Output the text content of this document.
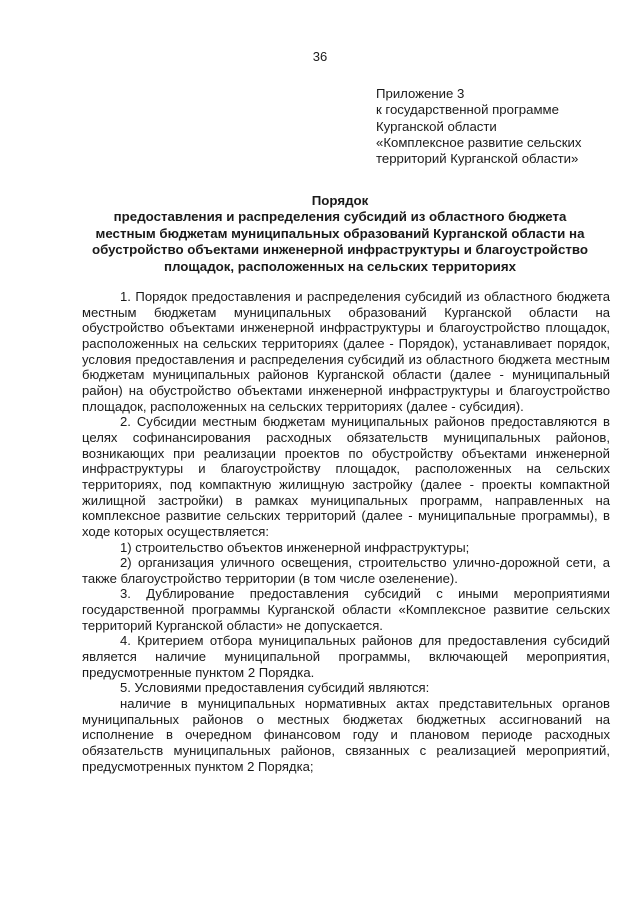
36
Приложение 3
к государственной программе
Курганской области
«Комплексное развитие сельских
территорий Курганской области»
Порядок
предоставления и распределения субсидий из областного бюджета
местным бюджетам муниципальных образований Курганской области на
обустройство объектами инженерной инфраструктуры и благоустройство
площадок, расположенных на сельских территориях

1. Порядок предоставления и распределения субсидий из областного бюджета местным бюджетам муниципальных образований Курганской области на обустройство объектами инженерной инфраструктуры и благоустройство площадок, расположенных на сельских территориях (далее - Порядок), устанавливает порядок, условия предоставления и распределения субсидий из областного бюджета местным бюджетам муниципальных районов Курганской области (далее - муниципальный район) на обустройство объектами инженерной инфраструктуры и благоустройство площадок, расположенных на сельских территориях (далее - субсидия).

2. Субсидии местным бюджетам муниципальных районов предоставляются в целях софинансирования расходных обязательств муниципальных районов, возникающих при реализации проектов по обустройству объектами инженерной инфраструктуры и благоустройству площадок, расположенных на сельских территориях, под компактную жилищную застройку (далее - проекты компактной жилищной застройки) в рамках муниципальных программ, направленных на комплексное развитие сельских территорий (далее - муниципальные программы), в ходе которых осуществляется:

1) строительство объектов инженерной инфраструктуры;

2) организация уличного освещения, строительство улично-дорожной сети, а также благоустройство территории (в том числе озеленение).

3. Дублирование предоставления субсидий с иными мероприятиями государственной программы Курганской области «Комплексное развитие сельских территорий Курганской области» не допускается.

4. Критерием отбора муниципальных районов для предоставления субсидий является наличие муниципальной программы, включающей мероприятия, предусмотренные пунктом 2 Порядка.

5. Условиями предоставления субсидий являются:

наличие в муниципальных нормативных актах представительных органов муниципальных районов о местных бюджетах бюджетных ассигнований на исполнение в очередном финансовом году и плановом периоде расходных обязательств муниципальных районов, связанных с реализацией мероприятий, предусмотренных пунктом 2 Порядка;
